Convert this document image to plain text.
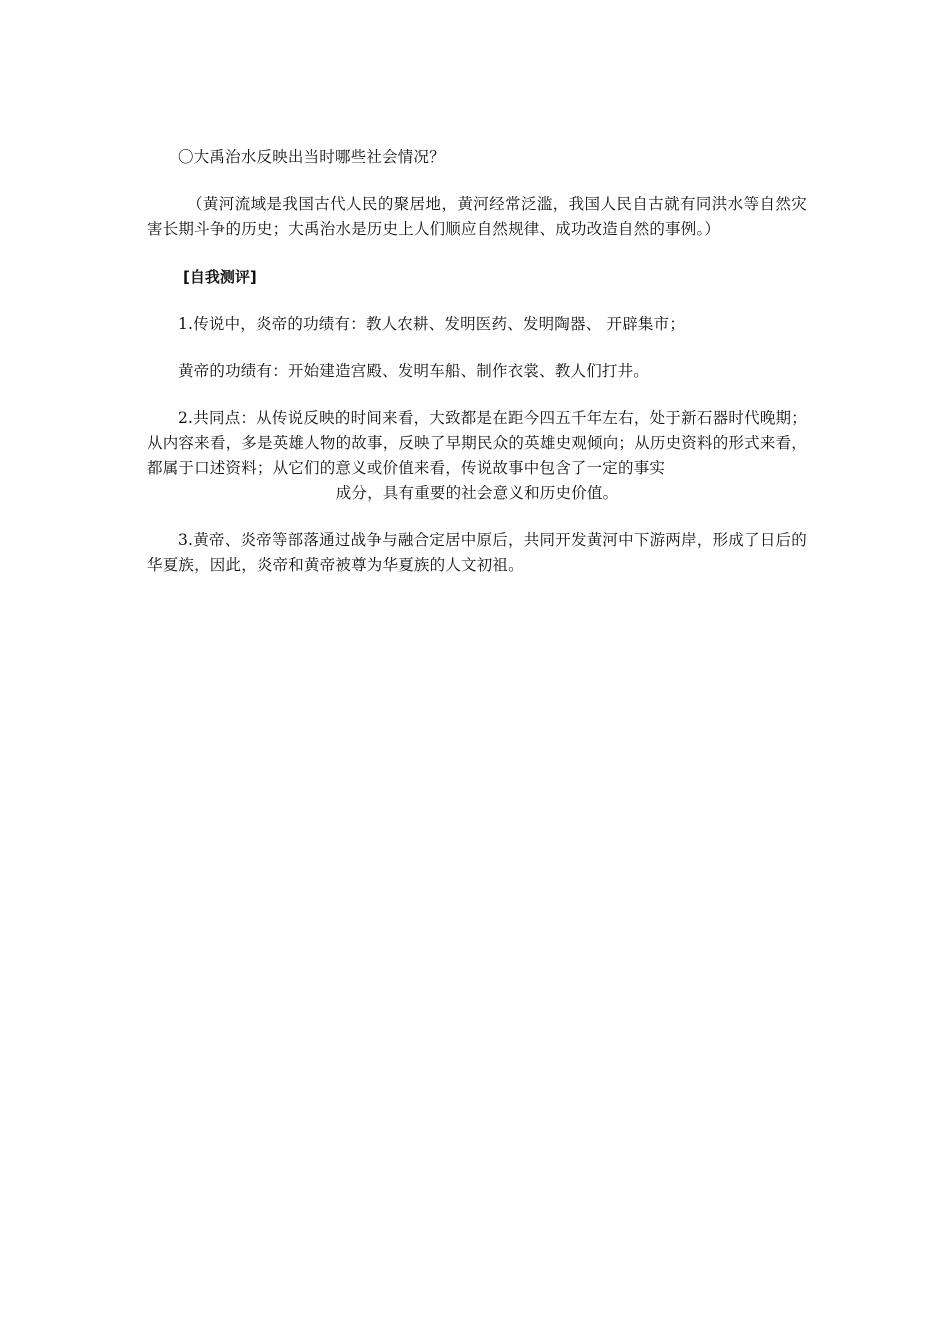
〇大禹治水反映出当时哪些社会情况？

（黄河流域是我国古代人民的聚居地，黄河经常泛滥，我国人民自古就有同洪水等自然灾害长期斗争的历史；大禹治水是历史上人们顺应自然规律、成功改造自然的事例。）

[自我测评]

1.传说中，炎帝的功绩有：教人农耕、发明医药、发明陶器、 开辟集市；

黄帝的功绩有：开始建造宫殿、发明车船、制作衣裳、教人们打井。

2.共同点：从传说反映的时间来看，大致都是在距今四五千年左右，处于新石器时代晚期；从内容来看，多是英雄人物的故事，反映了早期民众的英雄史观倾向；从历史资料的形式来看，都属于口述资料；从它们的意义或价值来看，传说故事中包含了一定的事实

成分，具有重要的社会意义和历史价值。

3.黄帝、炎帝等部落通过战争与融合定居中原后，共同开发黄河中下游两岸，形成了日后的华夏族，因此，炎帝和黄帝被尊为华夏族的人文初祖。
